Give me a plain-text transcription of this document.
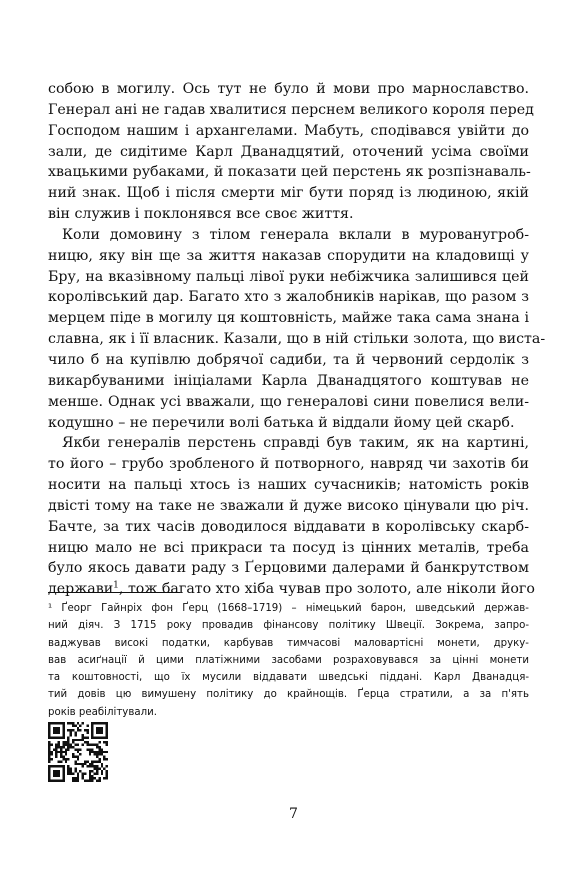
собою в могилу. Ось тут не було й мови про марнославство.
Генерал ані не гадав хвалитися перснем великого короля перед
Господом нашим і архангелами. Мабуть, сподівався увійти до
зали, де сидітиме Карл Дванадцятий, оточений усіма своїми
хвацькими рубаками, й показати цей перстень як розпізнаваль-
ний знак. Щоб і після смерти міг бути поряд із людиною, якій
він служив і поклонявся все своє життя.
Коли домовину з тілом генерала вклали в мурованугроб-
ницю, яку він ще за життя наказав спорудити на кладовищі у
Бру, на вказівному пальці лівої руки небіжчика залишився цей
королівський дар. Багато хто з жалобників нарікав, що разом з
мерцем піде в могилу ця коштовність, майже така сама знана і
славна, як і її власник. Казали, що в ній стільки золота, що виста-
чило б на купівлю добрячої садиби, та й червоний сердолік з
викарбуваними ініціалами Карла Дванадцятого коштував не
менше. Однак усі вважали, що генералові сини повелися вели-
кодушно – не перечили волі батька й віддали йому цей скарб.
Якби генералів перстень справді був таким, як на картині,
то його – грубо зробленого й потворного, навряд чи захотів би
носити на пальці хтось із наших сучасників; натомість років
двісті тому на таке не зважали й дуже високо цінували цю річ.
Бачте, за тих часів доводилося віддавати в королівську скарб-
ницю мало не всі прикраси та посуд із цінних металів, треба
було якось давати раду з Ґерцовими далерами й банкрутством
держави$^1$, тож багато хто хіба чував про золото, але ніколи його
¹ Ґеорг Гайнріх фон Ґерц (1668–1719) – німецький барон, шведський держав-
ний діяч. З 1715 року провадив фінансову політику Швеції. Зокрема, запро-
ваджував високі податки, карбував тимчасові маловартісні монети, друку-
вав асиґнації й цими платіжними засобами розраховувався за цінні монети
та коштовності, що їх мусили віддавати шведські піддані. Карл Дванадця-
тий довів цю вимушену політику до крайнощів. Ґерца стратили, а за п'ять
років реабілітували.
7
